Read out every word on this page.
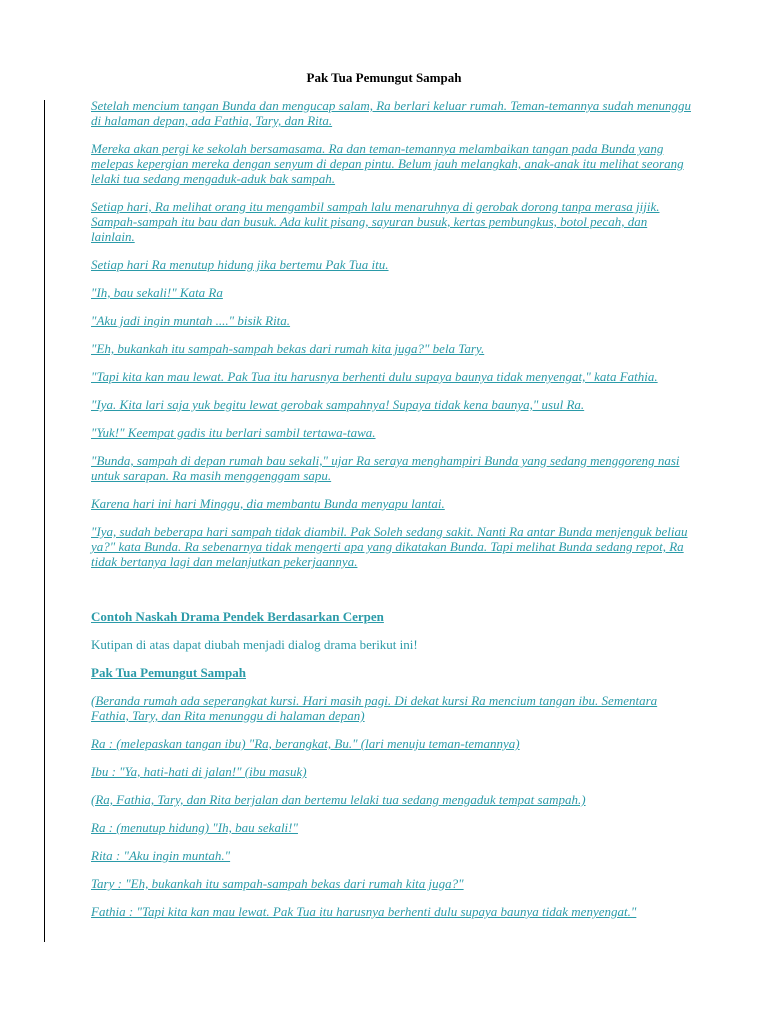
Pak Tua Pemungut Sampah

Setelah mencium tangan Bunda dan mengucap salam, Ra berlari keluar rumah. Teman-temannya sudah menunggu di halaman depan, ada Fathia, Tary, dan Rita.

Mereka akan pergi ke sekolah bersamasama. Ra dan teman-temannya melambaikan tangan pada Bunda yang melepas kepergian mereka dengan senyum di depan pintu. Belum jauh melangkah, anak-anak itu melihat seorang lelaki tua sedang mengaduk-aduk bak sampah.

Setiap hari, Ra melihat orang itu mengambil sampah lalu menaruhnya di gerobak dorong tanpa merasa jijik. Sampah-sampah itu bau dan busuk. Ada kulit pisang, sayuran busuk, kertas pembungkus, botol pecah, dan lainlain.

Setiap hari Ra menutup hidung jika bertemu Pak Tua itu.

"Ih, bau sekali!" Kata Ra

"Aku jadi ingin muntah ...." bisik Rita.

"Eh, bukankah itu sampah-sampah bekas dari rumah kita juga?" bela Tary.

"Tapi kita kan mau lewat. Pak Tua itu harusnya berhenti dulu supaya baunya tidak menyengat," kata Fathia.

"Iya. Kita lari saja yuk begitu lewat gerobak sampahnya! Supaya tidak kena baunya," usul Ra.

"Yuk!" Keempat gadis itu berlari sambil tertawa-tawa.

"Bunda, sampah di depan rumah bau sekali," ujar Ra seraya menghampiri Bunda yang sedang menggoreng nasi untuk sarapan. Ra masih menggenggam sapu.

Karena hari ini hari Minggu, dia membantu Bunda menyapu lantai.

"Iya, sudah beberapa hari sampah tidak diambil. Pak Soleh sedang sakit. Nanti Ra antar Bunda menjenguk beliau ya?" kata Bunda. Ra sebenarnya tidak mengerti apa yang dikatakan Bunda. Tapi melihat Bunda sedang repot, Ra tidak bertanya lagi dan melanjutkan pekerjaannya.

Contoh Naskah Drama Pendek Berdasarkan Cerpen

Kutipan di atas dapat diubah menjadi dialog drama berikut ini!

Pak Tua Pemungut Sampah

(Beranda rumah ada seperangkat kursi. Hari masih pagi. Di dekat kursi Ra mencium tangan ibu. Sementara Fathia, Tary, dan Rita menunggu di halaman depan)

Ra : (melepaskan tangan ibu) "Ra, berangkat, Bu." (lari menuju teman-temannya)

Ibu : "Ya, hati-hati di jalan!" (ibu masuk)

(Ra, Fathia, Tary, dan Rita berjalan dan bertemu lelaki tua sedang mengaduk tempat sampah.)

Ra : (menutup hidung) "Ih, bau sekali!"

Rita : "Aku ingin muntah."

Tary : "Eh, bukankah itu sampah-sampah bekas dari rumah kita juga?"

Fathia : "Tapi kita kan mau lewat. Pak Tua itu harusnya berhenti dulu supaya baunya tidak menyengat."
